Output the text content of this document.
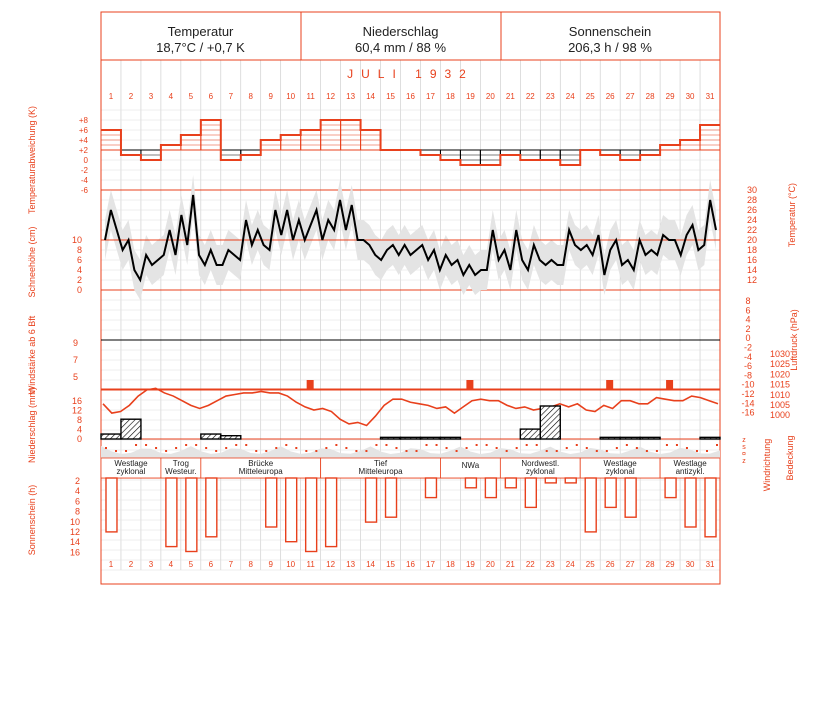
Temperatur
18,7°C / +0,7 K
Niederschlag
60,4 mm / 88 %
Sonnenschein
206,3 h / 98 %
JULI 1932
1
1
2
2
3
3
4
4
5
5
6
6
7
7
8
8
9
9
10
10
11
11
12
12
13
13
14
14
15
15
16
16
17
17
18
18
19
19
20
20
21
21
22
22
23
23
24
24
25
25
26
26
27
27
28
28
29
29
30
30
31
31
+8
+6
+4
+2
0
-2
-4
-6
Temperaturabweichung (K)	30
28
26
24
22
20
18
16
14
12
Temperatur (°C)
10
8
6
4
2
0
Schneehöhe (cm)
8
6
4
2
0
-2
-4
-6
-8
-10
-12
-14
-16
1030
1025
1020
1015
1010
1005
1000
Luftdruck (hPa)
9
7
5
Windstärke ab 6 Bft
16
12
8
4
0
Niederschlag (mm)
Windrichtung Bedeckung
z
s
¤
z
Westlage
zyklonal
Trog
Westeur.
Brücke
Mitteleuropa
Tief
Mitteleuropa
NWa	Nordwestl.
zyklonal
Westlage
zyklonal
Westlage
antizykl.
2
4
6
8
10
12
14
16
Sonnenschein (h)
